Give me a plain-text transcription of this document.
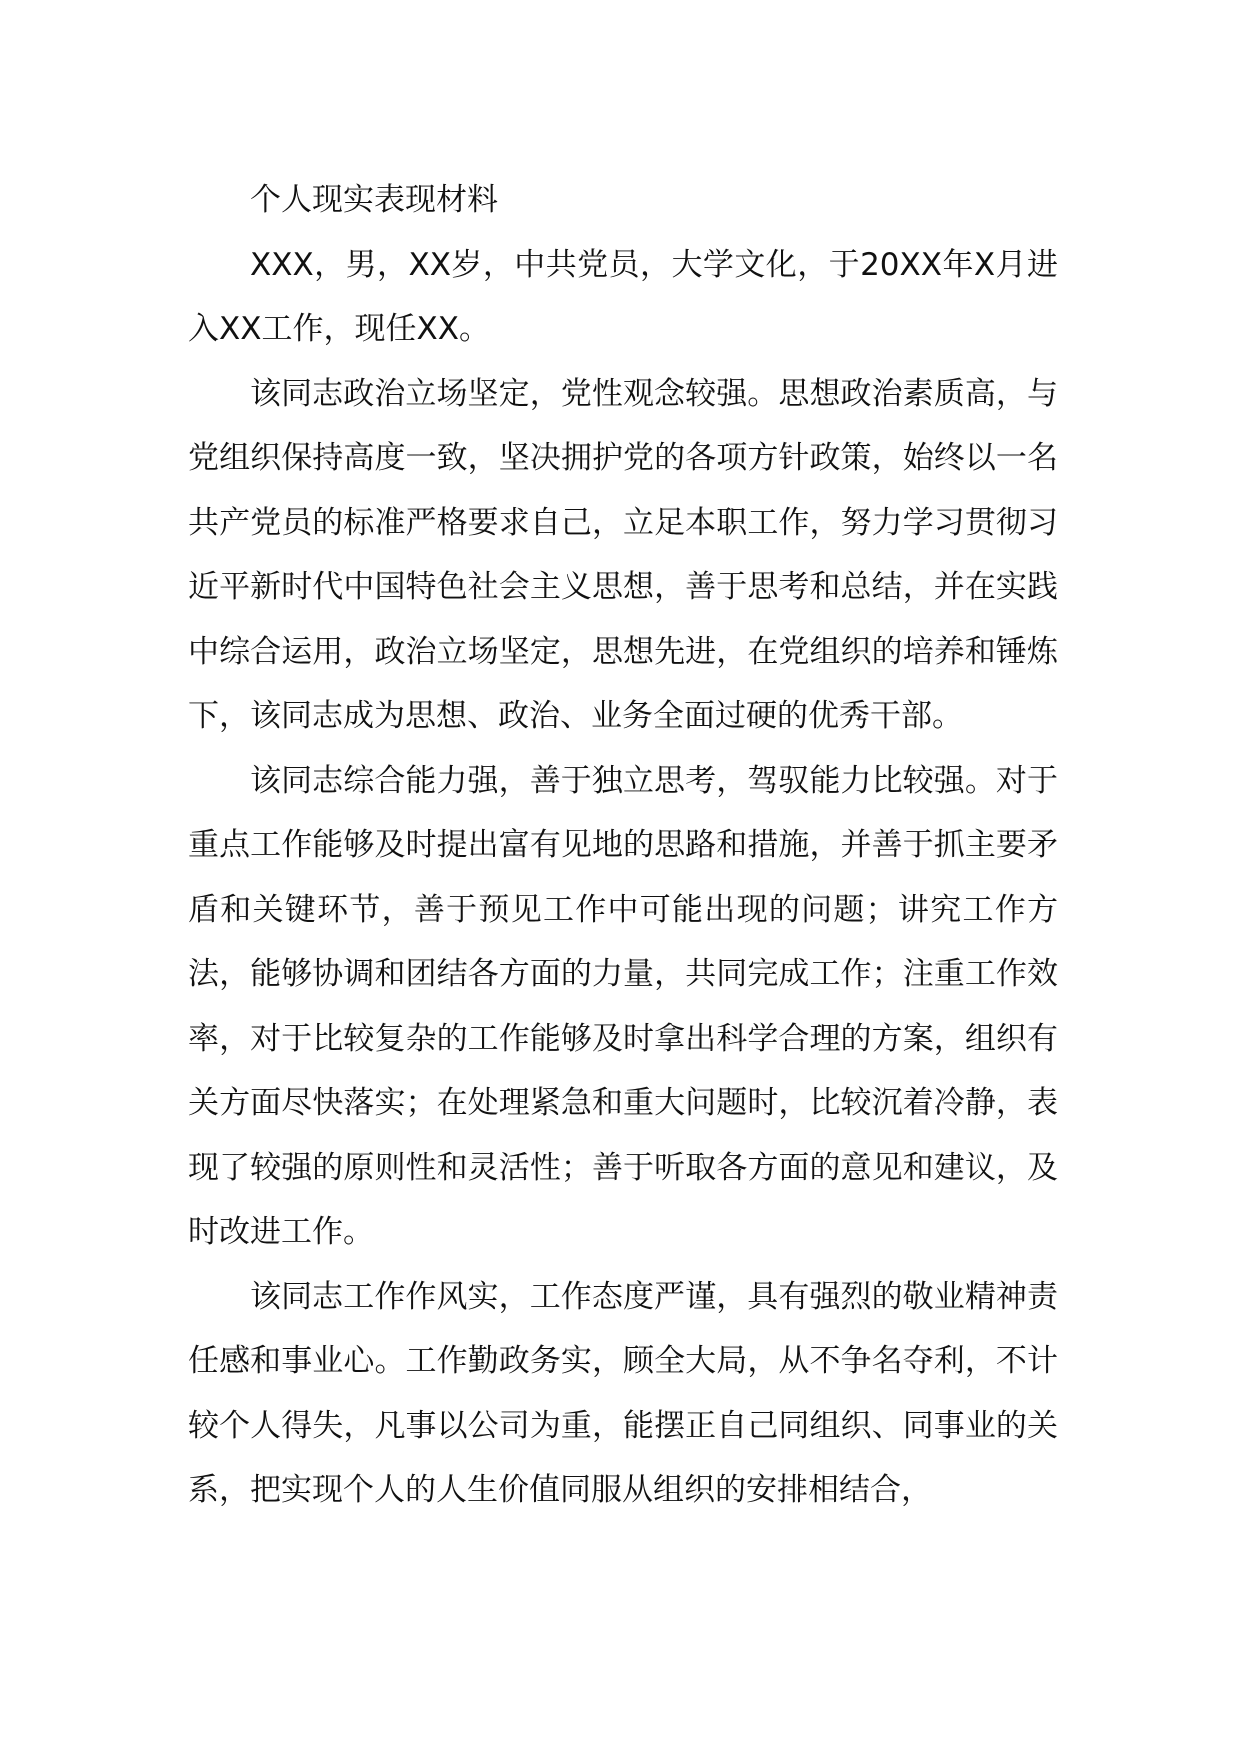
个人现实表现材料

XXX，男，XX岁，中共党员，大学文化，于20XX年X月进入XX工作，现任XX。

该同志政治立场坚定，党性观念较强。思想政治素质高，与党组织保持高度一致，坚决拥护党的各项方针政策，始终以一名共产党员的标准严格要求自己，立足本职工作，努力学习贯彻习近平新时代中国特色社会主义思想，善于思考和总结，并在实践中综合运用，政治立场坚定，思想先进，在党组织的培养和锤炼下，该同志成为思想、政治、业务全面过硬的优秀干部。

该同志综合能力强，善于独立思考，驾驭能力比较强。对于重点工作能够及时提出富有见地的思路和措施，并善于抓主要矛盾和关键环节，善于预见工作中可能出现的问题；讲究工作方法，能够协调和团结各方面的力量，共同完成工作；注重工作效率，对于比较复杂的工作能够及时拿出科学合理的方案，组织有关方面尽快落实；在处理紧急和重大问题时，比较沉着冷静，表现了较强的原则性和灵活性；善于听取各方面的意见和建议，及时改进工作。

该同志工作作风实，工作态度严谨，具有强烈的敬业精神责任感和事业心。工作勤政务实，顾全大局，从不争名夺利，不计较个人得失，凡事以公司为重，能摆正自己同组织、同事业的关系，把实现个人的人生价值同服从组织的安排相结合，
